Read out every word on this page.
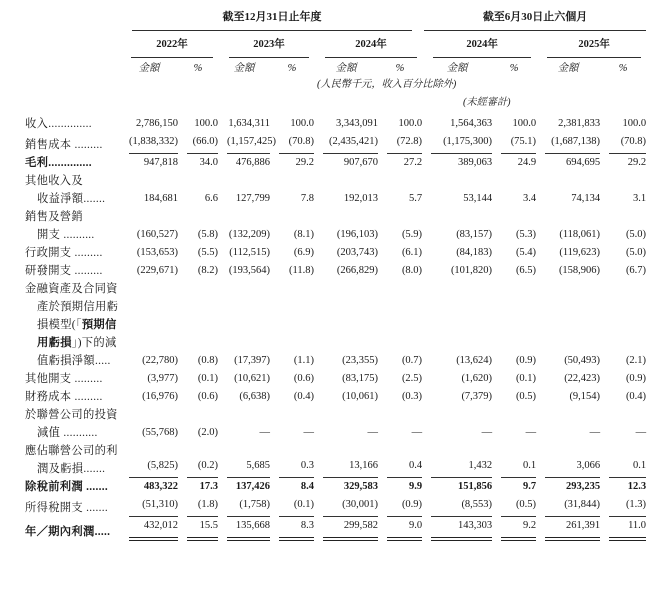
	截至12月31日止年度						截至6月30日止六個月			

	2022年		2023年		2024年		2024年		2025年	

	金額	%	金額	%	金額	%	金額	%	金額	%

(人民幣千元，收入百分比除外)										

(未經審計)										

收入..............	2,786,150	100.0	1,634,311	100.0	3,343,091	100.0	1,564,363	100.0	2,381,833	100.0

銷售成本 .........	(1,838,332)	(66.0)	(1,157,425)	(70.8)	(2,435,421)	(72.8)	(1,175,300)	(75.1)	(1,687,138)	(70.8)

毛利..............	947,818	34.0	476,886	29.2	907,670	27.2	389,063	24.9	694,695	29.2

其他收入及
收益淨額.......	184,681	6.6	127,799	7.8	192,013	5.7	53,144	3.4	74,134	3.1

銷售及營銷
開支 ..........	(160,527)	(5.8)	(132,209)	(8.1)	(196,103)	(5.9)	(83,157)	(5.3)	(118,061)	(5.0)

行政開支 .........	(153,653)	(5.5)	(112,515)	(6.9)	(203,743)	(6.1)	(84,183)	(5.4)	(119,623)	(5.0)

研發開支 .........	(229,671)	(8.2)	(193,564)	(11.8)	(266,829)	(8.0)	(101,820)	(6.5)	(158,906)	(6.7)

金融資產及合同資
產於預期信用虧
損模型(「預期信
用虧損」)下的減
值虧損淨額.....	(22,780)	(0.8)	(17,397)	(1.1)	(23,355)	(0.7)	(13,624)	(0.9)	(50,493)	(2.1)

其他開支 .........	(3,977)	(0.1)	(10,621)	(0.6)	(83,175)	(2.5)	(1,620)	(0.1)	(22,423)	(0.9)

財務成本 .........	(16,976)	(0.6)	(6,638)	(0.4)	(10,061)	(0.3)	(7,379)	(0.5)	(9,154)	(0.4)

於聯營公司的投資
減值 ...........	(55,768)	(2.0)	—	—	—	—	—	—	—	—

應佔聯營公司的利
潤及虧損.......	(5,825)	(0.2)	5,685	0.3	13,166	0.4	1,432	0.1	3,066	0.1

除稅前利潤 .......	483,322	17.3	137,426	8.4	329,583	9.9	151,856	9.7	293,235	12.3

所得稅開支 .......	(51,310)	(1.8)	(1,758)	(0.1)	(30,001)	(0.9)	(8,553)	(0.5)	(31,844)	(1.3)

年／期內利潤.....	432,012	15.5	135,668	8.3	299,582	9.0	143,303	9.2	261,391	11.0
